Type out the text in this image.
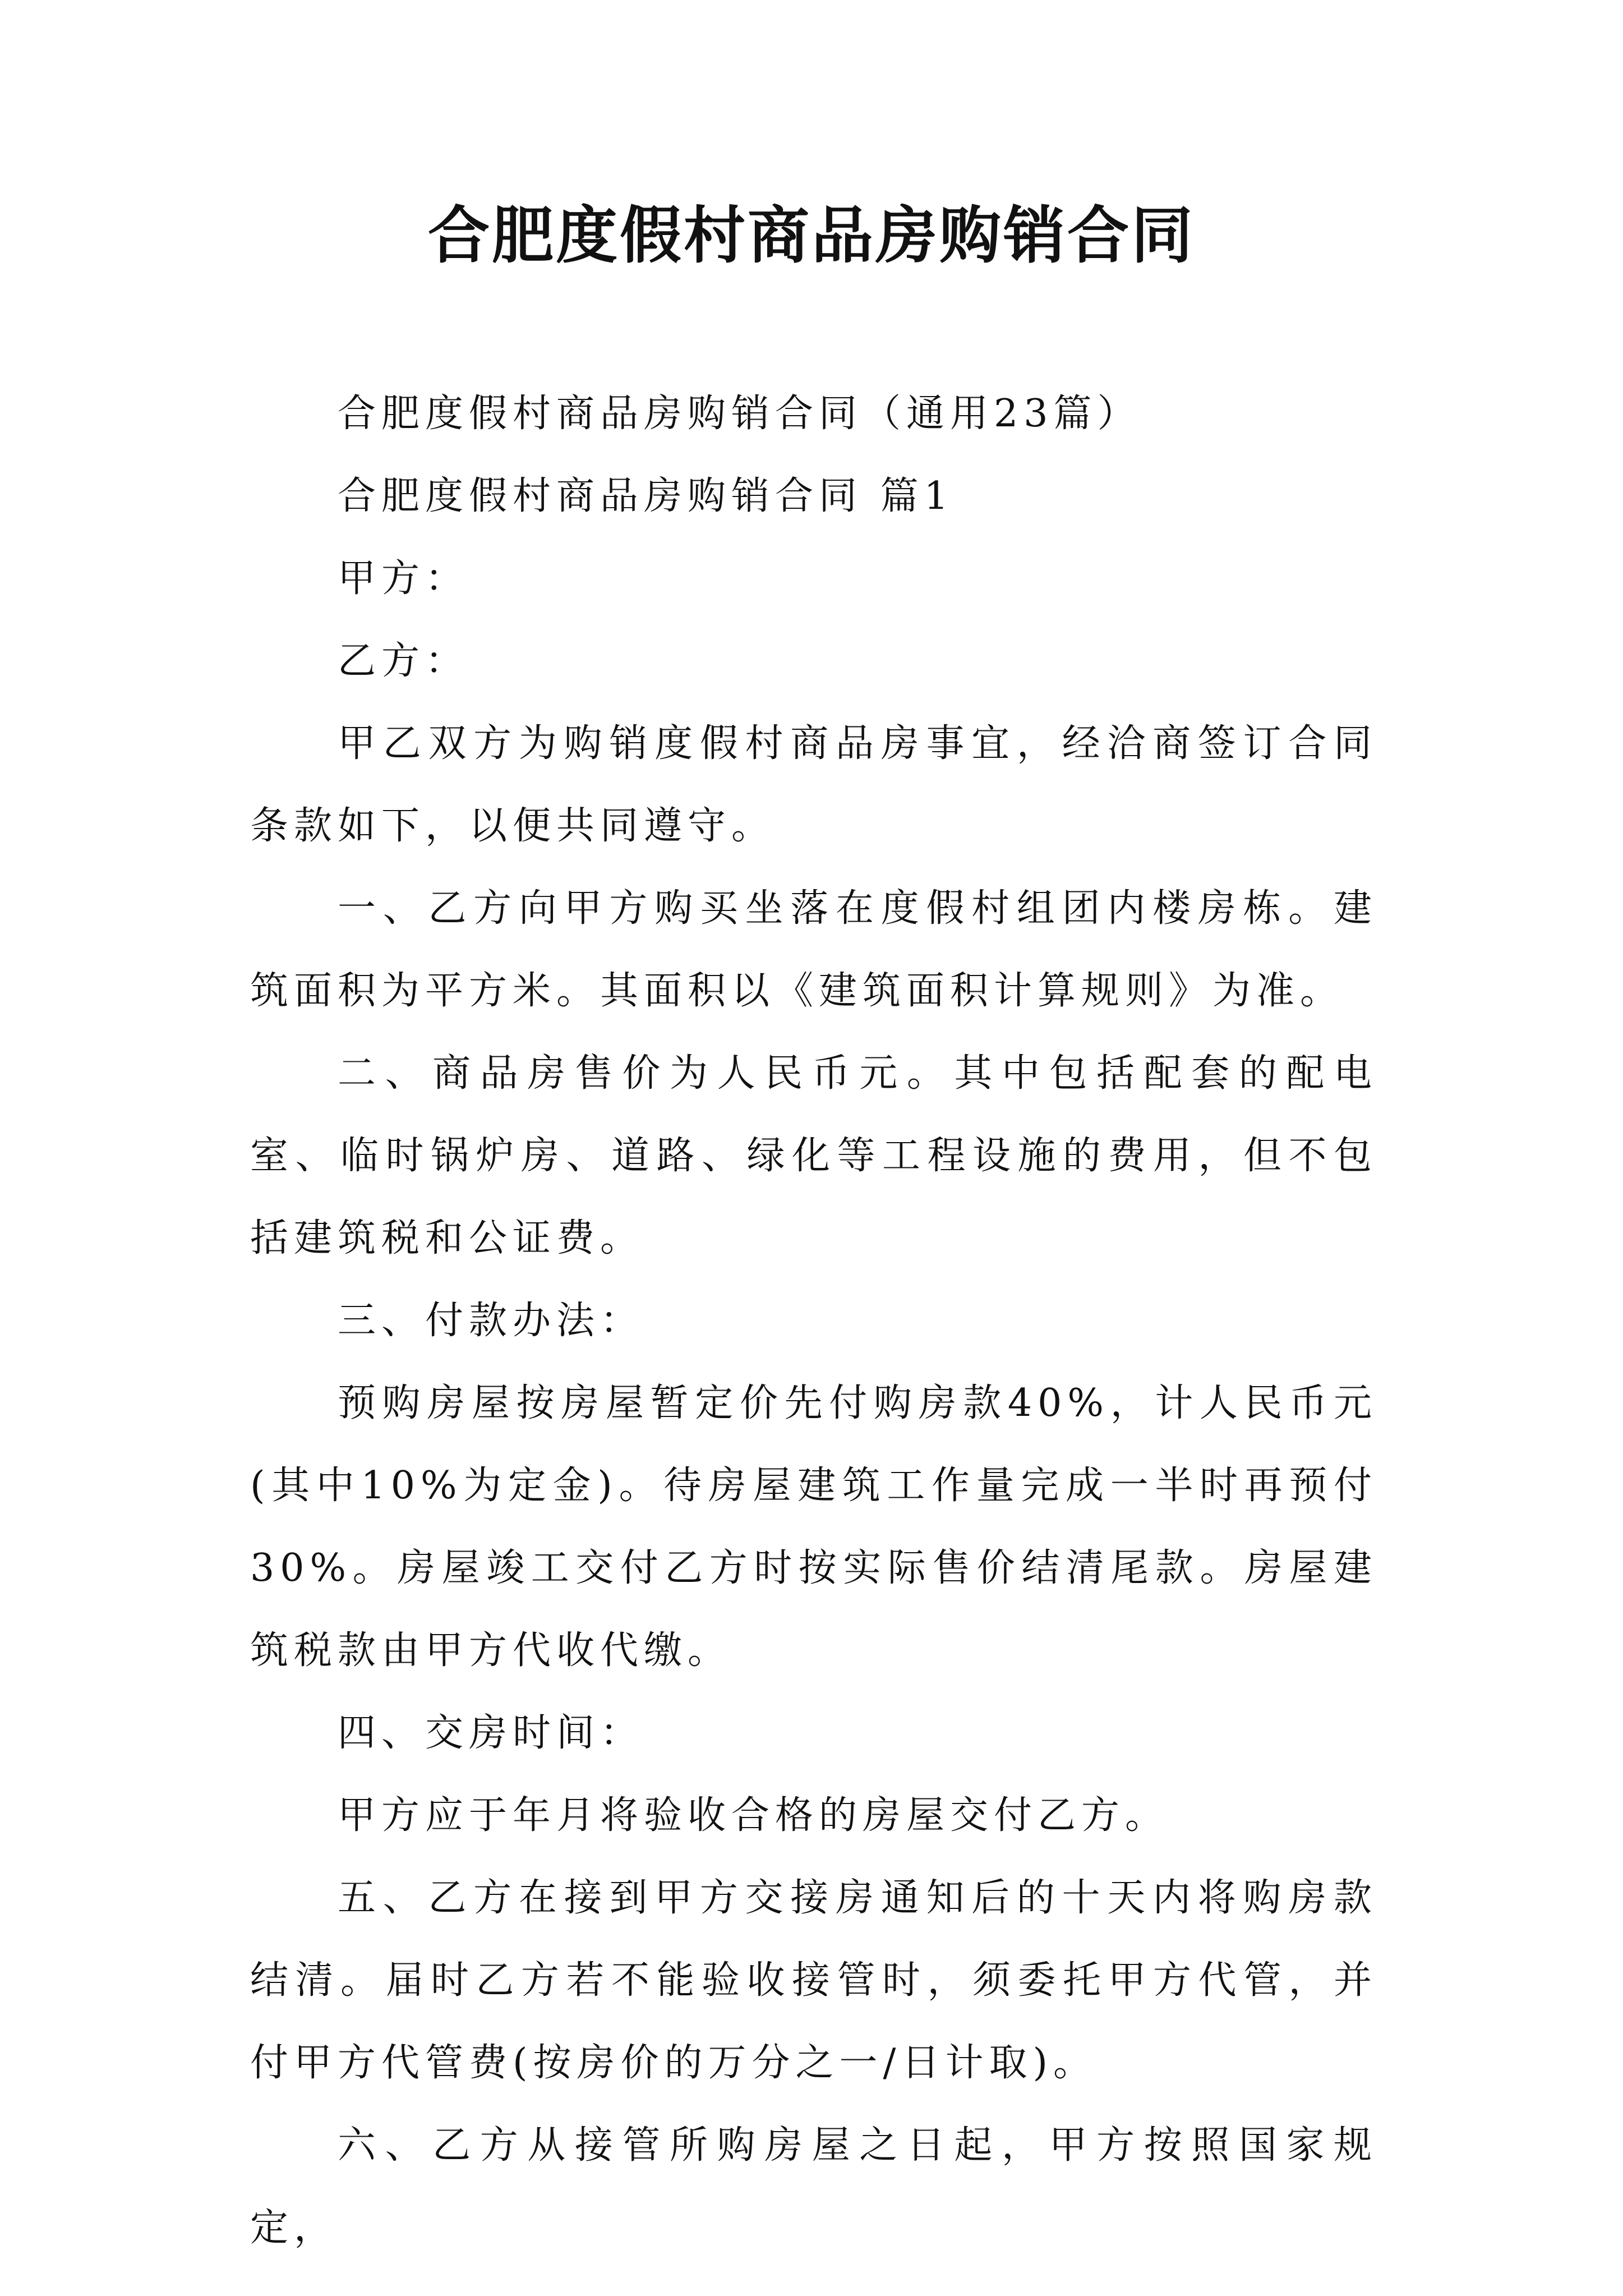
合肥度假村商品房购销合同

合肥度假村商品房购销合同（通用23篇）

合肥度假村商品房购销合同 篇1

甲方：

乙方：

甲乙双方为购销度假村商品房事宜，经洽商签订合同条款如下，以便共同遵守。

一、乙方向甲方购买坐落在度假村组团内楼房栋。建筑面积为平方米。其面积以《建筑面积计算规则》为准。

二、商品房售价为人民币元。其中包括配套的配电室、临时锅炉房、道路、绿化等工程设施的费用，但不包括建筑税和公证费。

三、付款办法：

预购房屋按房屋暂定价先付购房款40%，计人民币元(其中10%为定金)。待房屋建筑工作量完成一半时再预付30%。房屋竣工交付乙方时按实际售价结清尾款。房屋建筑税款由甲方代收代缴。

四、交房时间：

甲方应于年月将验收合格的房屋交付乙方。

五、乙方在接到甲方交接房通知后的十天内将购房款结清。届时乙方若不能验收接管时，须委托甲方代管，并付甲方代管费(按房价的万分之一/日计取)。

六、乙方从接管所购房屋之日起，甲方按照国家规定，
